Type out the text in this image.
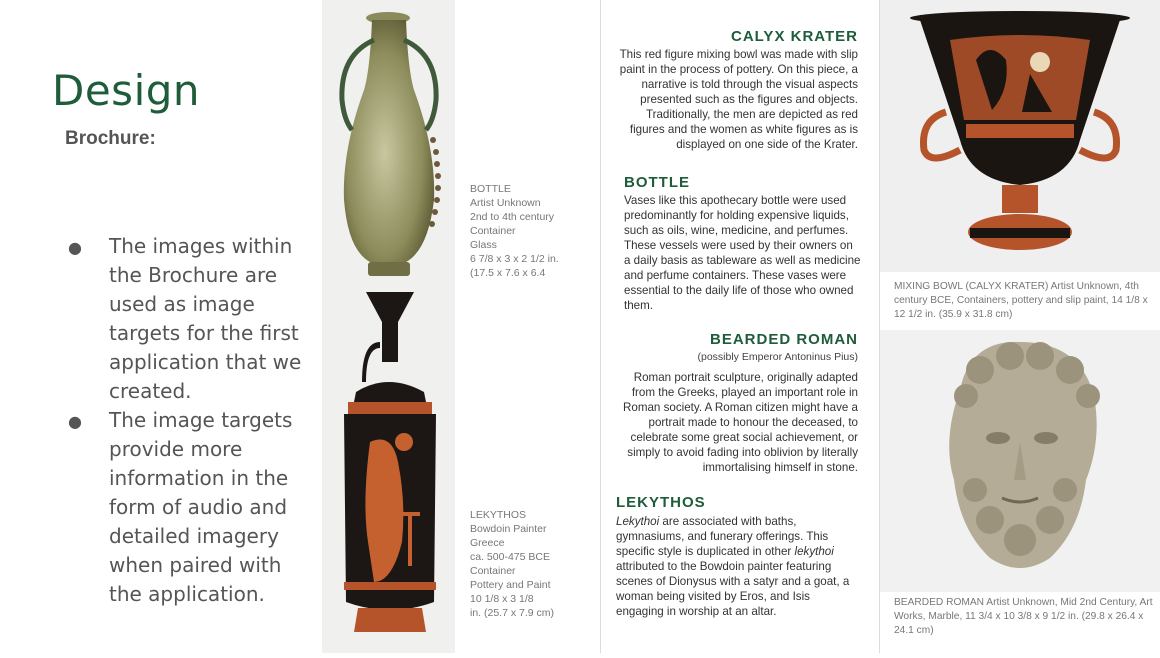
Design
Brochure:
● The images within the Brochure are used as image targets for the first application that we created.
● The image targets provide more information in the form of audio and detailed imagery when paired with the application.
BOTTLE
Artist Unknown
2nd to 4th century
Container
Glass
6 7/8 x 3 x 2 1/2 in.
(17.5 x 7.6 x 6.4
LEKYTHOS
Bowdoin Painter
Greece
ca. 500-475 BCE
Container
Pottery and Paint
10 1/8 x 3 1/8
in. (25.7 x 7.9 cm)
CALYX KRATER
This red figure mixing bowl was made with slip paint in the process of pottery. On this piece, a narrative is told through the visual aspects presented such as the figures and objects. Traditionally, the men are depicted as red figures and the women as white figures as is displayed on one side of the Krater.
BOTTLE
Vases like this apothecary bottle were used predominantly for holding expensive liquids, such as oils, wine, medicine, and perfumes. These vessels were used by their owners on a daily basis as tableware as well as medicine and perfume containers. These vases were essential to the daily life of those who owned them.
BEARDED ROMAN
(possibly Emperor Antoninus Pius)
Roman portrait sculpture, originally adapted from the Greeks, played an important role in Roman society. A Roman citizen might have a portrait made to honour the deceased, to celebrate some great social achievement, or simply to avoid fading into oblivion by literally immortalising himself in stone.
LEKYTHOS
Lekythoi are associated with baths, gymnasiums, and funerary offerings. This specific style is duplicated in other lekythoi attributed to the Bowdoin painter featuring scenes of Dionysus with a satyr and a goat, a woman being visited by Eros, and Isis engaging in worship at an altar.
MIXING BOWL (CALYX KRATER) Artist Unknown, 4th century BCE, Containers, pottery and slip paint, 14 1/8 x 12 1/2 in. (35.9 x 31.8 cm)
BEARDED ROMAN Artist Unknown, Mid 2nd Century, Art Works, Marble, 11 3/4 x 10 3/8 x 9 1/2 in. (29.8 x 26.4 x 24.1 cm)
